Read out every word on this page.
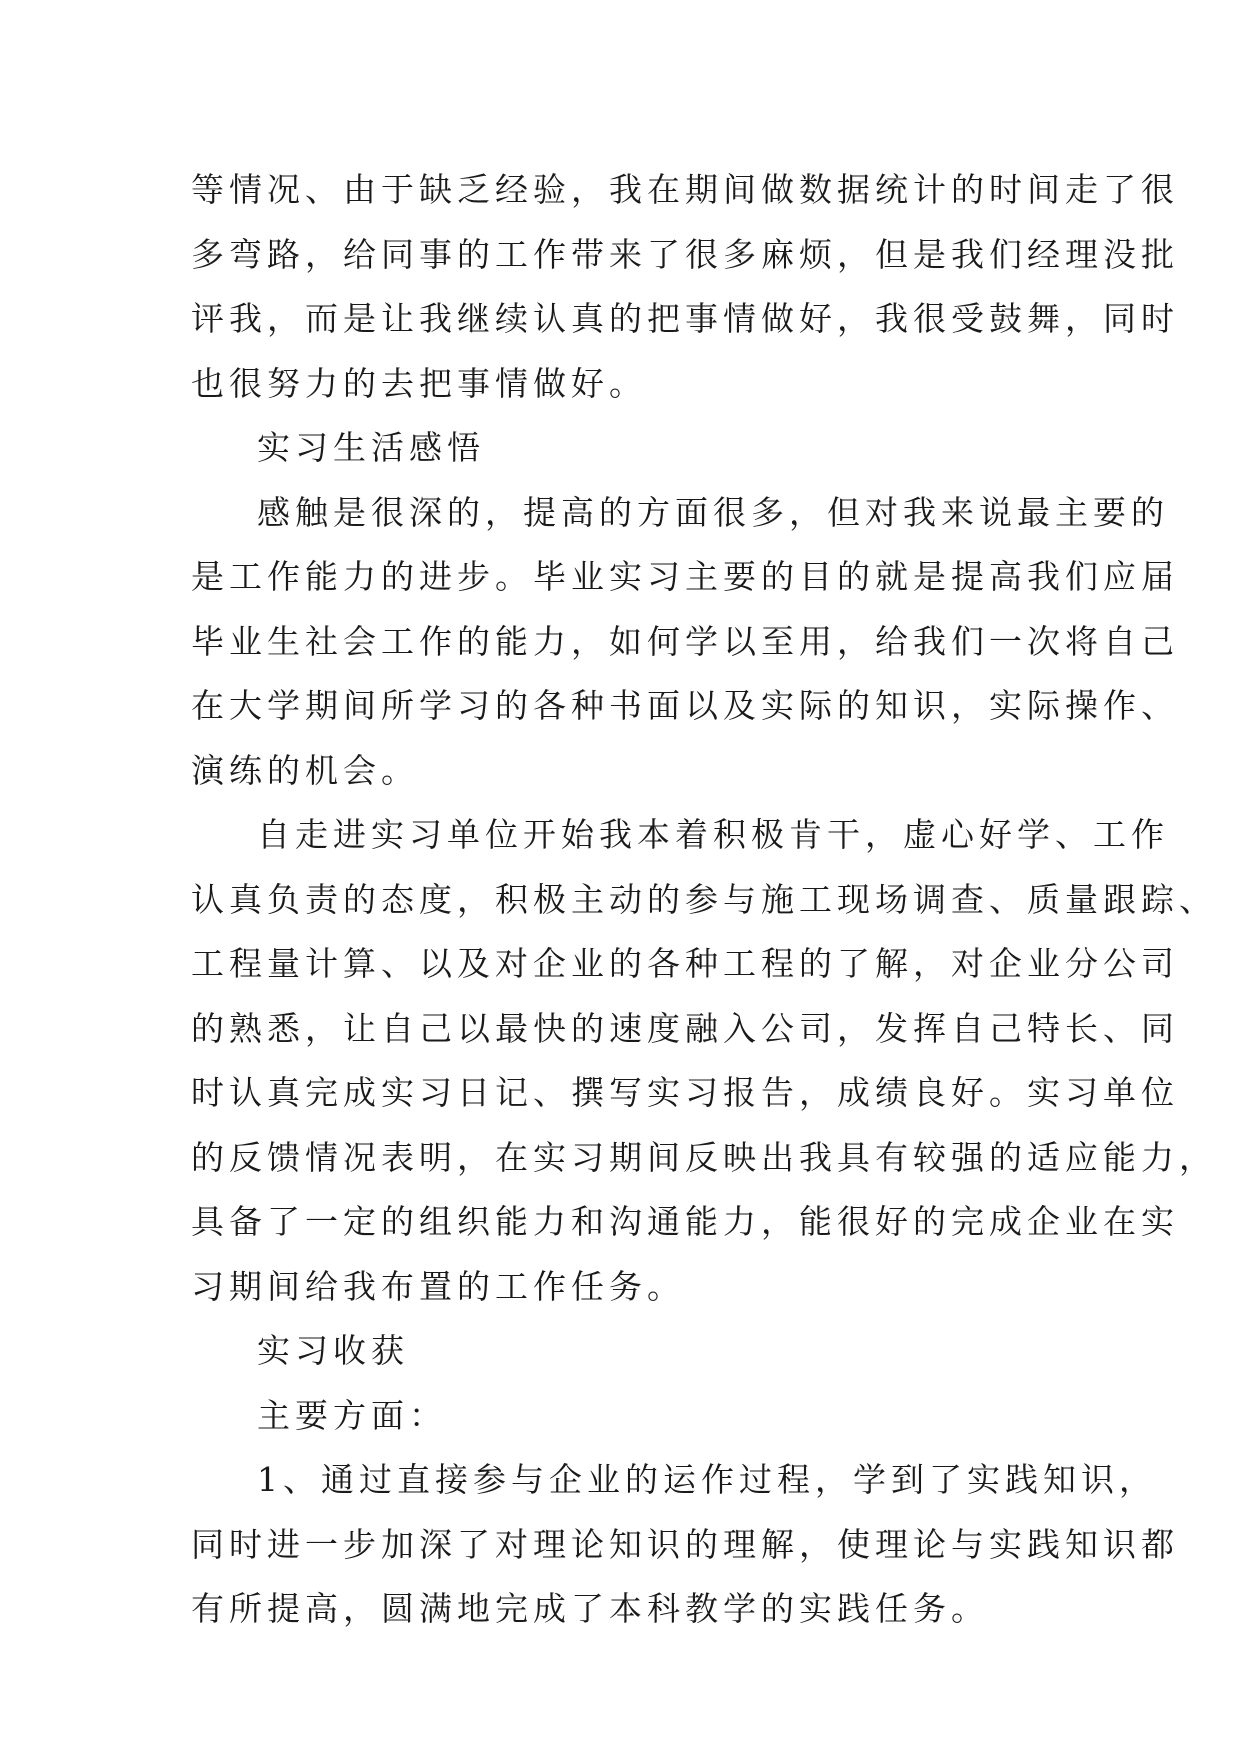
等情况、由于缺乏经验，我在期间做数据统计的时间走了很
多弯路，给同事的工作带来了很多麻烦，但是我们经理没批
评我，而是让我继续认真的把事情做好，我很受鼓舞，同时
也很努力的去把事情做好。
实习生活感悟
感触是很深的，提高的方面很多，但对我来说最主要的
是工作能力的进步。毕业实习主要的目的就是提高我们应届
毕业生社会工作的能力，如何学以至用，给我们一次将自己
在大学期间所学习的各种书面以及实际的知识，实际操作、
演练的机会。
自走进实习单位开始我本着积极肯干，虚心好学、工作
认真负责的态度，积极主动的参与施工现场调查、质量跟踪、
工程量计算、以及对企业的各种工程的了解，对企业分公司
的熟悉，让自己以最快的速度融入公司，发挥自己特长、同
时认真完成实习日记、撰写实习报告，成绩良好。实习单位
的反馈情况表明，在实习期间反映出我具有较强的适应能力，
具备了一定的组织能力和沟通能力，能很好的完成企业在实
习期间给我布置的工作任务。
实习收获
主要方面：
1、通过直接参与企业的运作过程，学到了实践知识，
同时进一步加深了对理论知识的理解，使理论与实践知识都
有所提高，圆满地完成了本科教学的实践任务。
